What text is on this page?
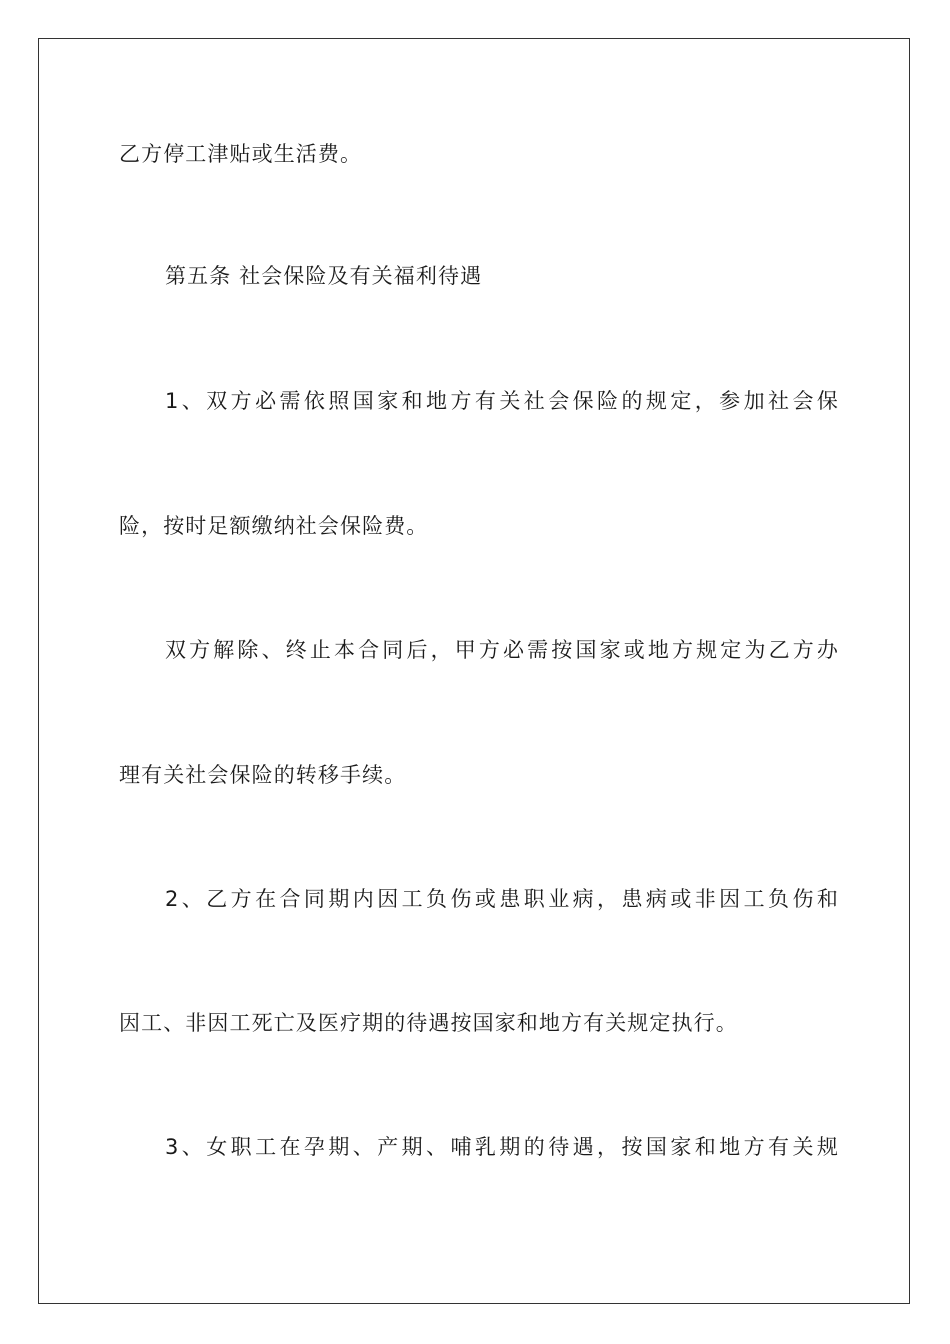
乙方停工津贴或生活费。
第五条 社会保险及有关福利待遇
1、双方必需依照国家和地方有关社会保险的规定，参加社会保
险，按时足额缴纳社会保险费。
双方解除、终止本合同后，甲方必需按国家或地方规定为乙方办
理有关社会保险的转移手续。
2、乙方在合同期内因工负伤或患职业病，患病或非因工负伤和
因工、非因工死亡及医疗期的待遇按国家和地方有关规定执行。
3、女职工在孕期、产期、哺乳期的待遇，按国家和地方有关规
